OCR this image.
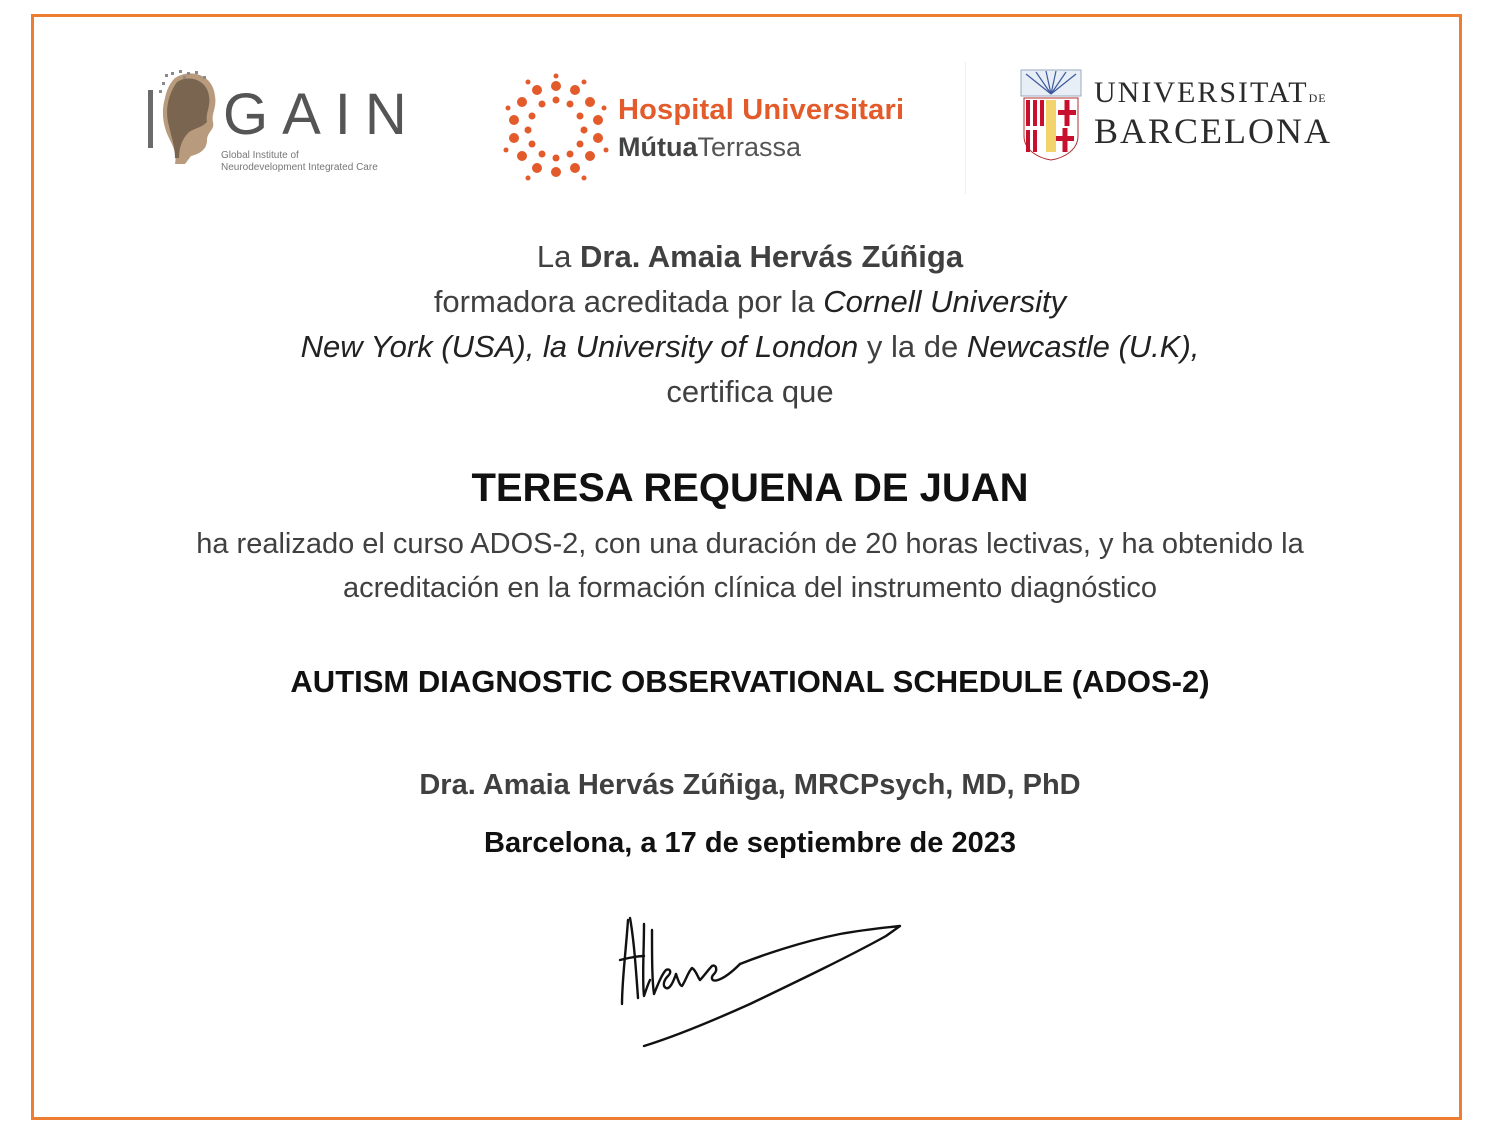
GAIN
Global Institute of
Neurodevelopment Integrated Care
Hospital Universitari
MútuaTerrassa
UNIVERSITATDE
BARCELONA
La Dra. Amaia Hervás Zúñiga
formadora acreditada por la Cornell University
New York (USA), la University of London y la de Newcastle (U.K),
certifica que
TERESA REQUENA DE JUAN
ha realizado el curso ADOS-2, con una duración de 20 horas lectivas, y ha obtenido la
acreditación en la formación clínica del instrumento diagnóstico
AUTISM DIAGNOSTIC OBSERVATIONAL SCHEDULE (ADOS-2)
Dra. Amaia Hervás Zúñiga, MRCPsych, MD, PhD
Barcelona, a 17 de septiembre de 2023
